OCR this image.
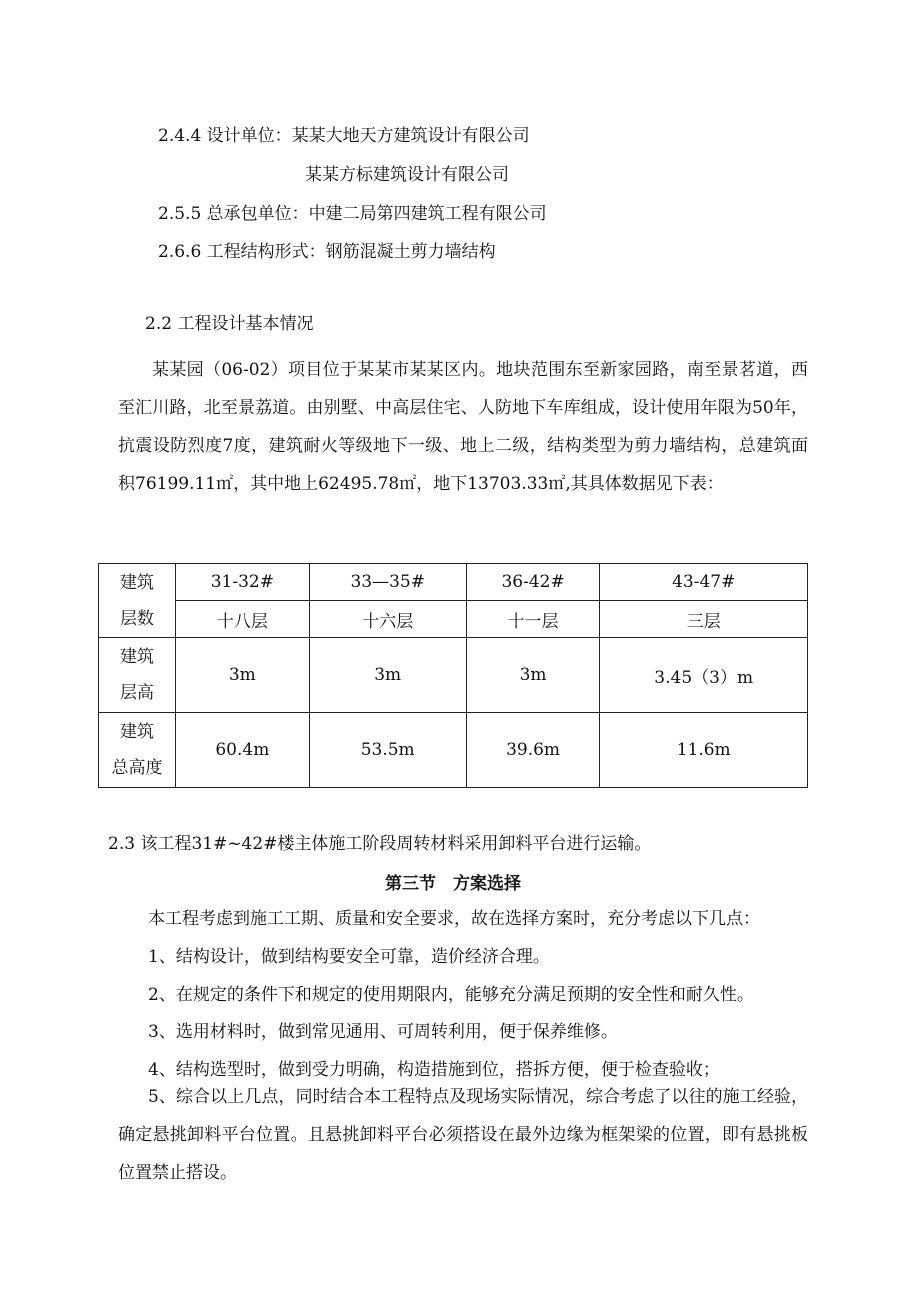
2.4.4 设计单位：某某大地天方建筑设计有限公司
某某方标建筑设计有限公司
2.5.5 总承包单位：中建二局第四建筑工程有限公司
2.6.6 工程结构形式：钢筋混凝土剪力墙结构
2.2 工程设计基本情况
某某园（06-02）项目位于某某市某某区内。地块范围东至新家园路，南至景茗道，西至汇川路，北至景荔道。由别墅、中高层住宅、人防地下车库组成，设计使用年限为50年，抗震设防烈度7度，建筑耐火等级地下一级、地上二级，结构类型为剪力墙结构，总建筑面积76199.11㎡，其中地上62495.78㎡，地下13703.33㎡,其具体数据见下表：
建筑
层数	31-32#	33—35#	36-42#	43-47#
	十八层	十六层	十一层	三层

建筑
层高	3m	3m	3m	3.45（3）m

建筑
总高度	60.4m	53.5m	39.6m	11.6m
2.3 该工程31#~42#楼主体施工阶段周转材料采用卸料平台进行运输。
第三节　方案选择
本工程考虑到施工工期、质量和安全要求，故在选择方案时，充分考虑以下几点：
1、结构设计，做到结构要安全可靠，造价经济合理。
2、在规定的条件下和规定的使用期限内，能够充分满足预期的安全性和耐久性。
3、选用材料时，做到常见通用、可周转利用，便于保养维修。
4、结构选型时，做到受力明确，构造措施到位，搭拆方便，便于检查验收；
5、综合以上几点，同时结合本工程特点及现场实际情况，综合考虑了以往的施工经验，确定悬挑卸料平台位置。且悬挑卸料平台必须搭设在最外边缘为框架梁的位置，即有悬挑板位置禁止搭设。
